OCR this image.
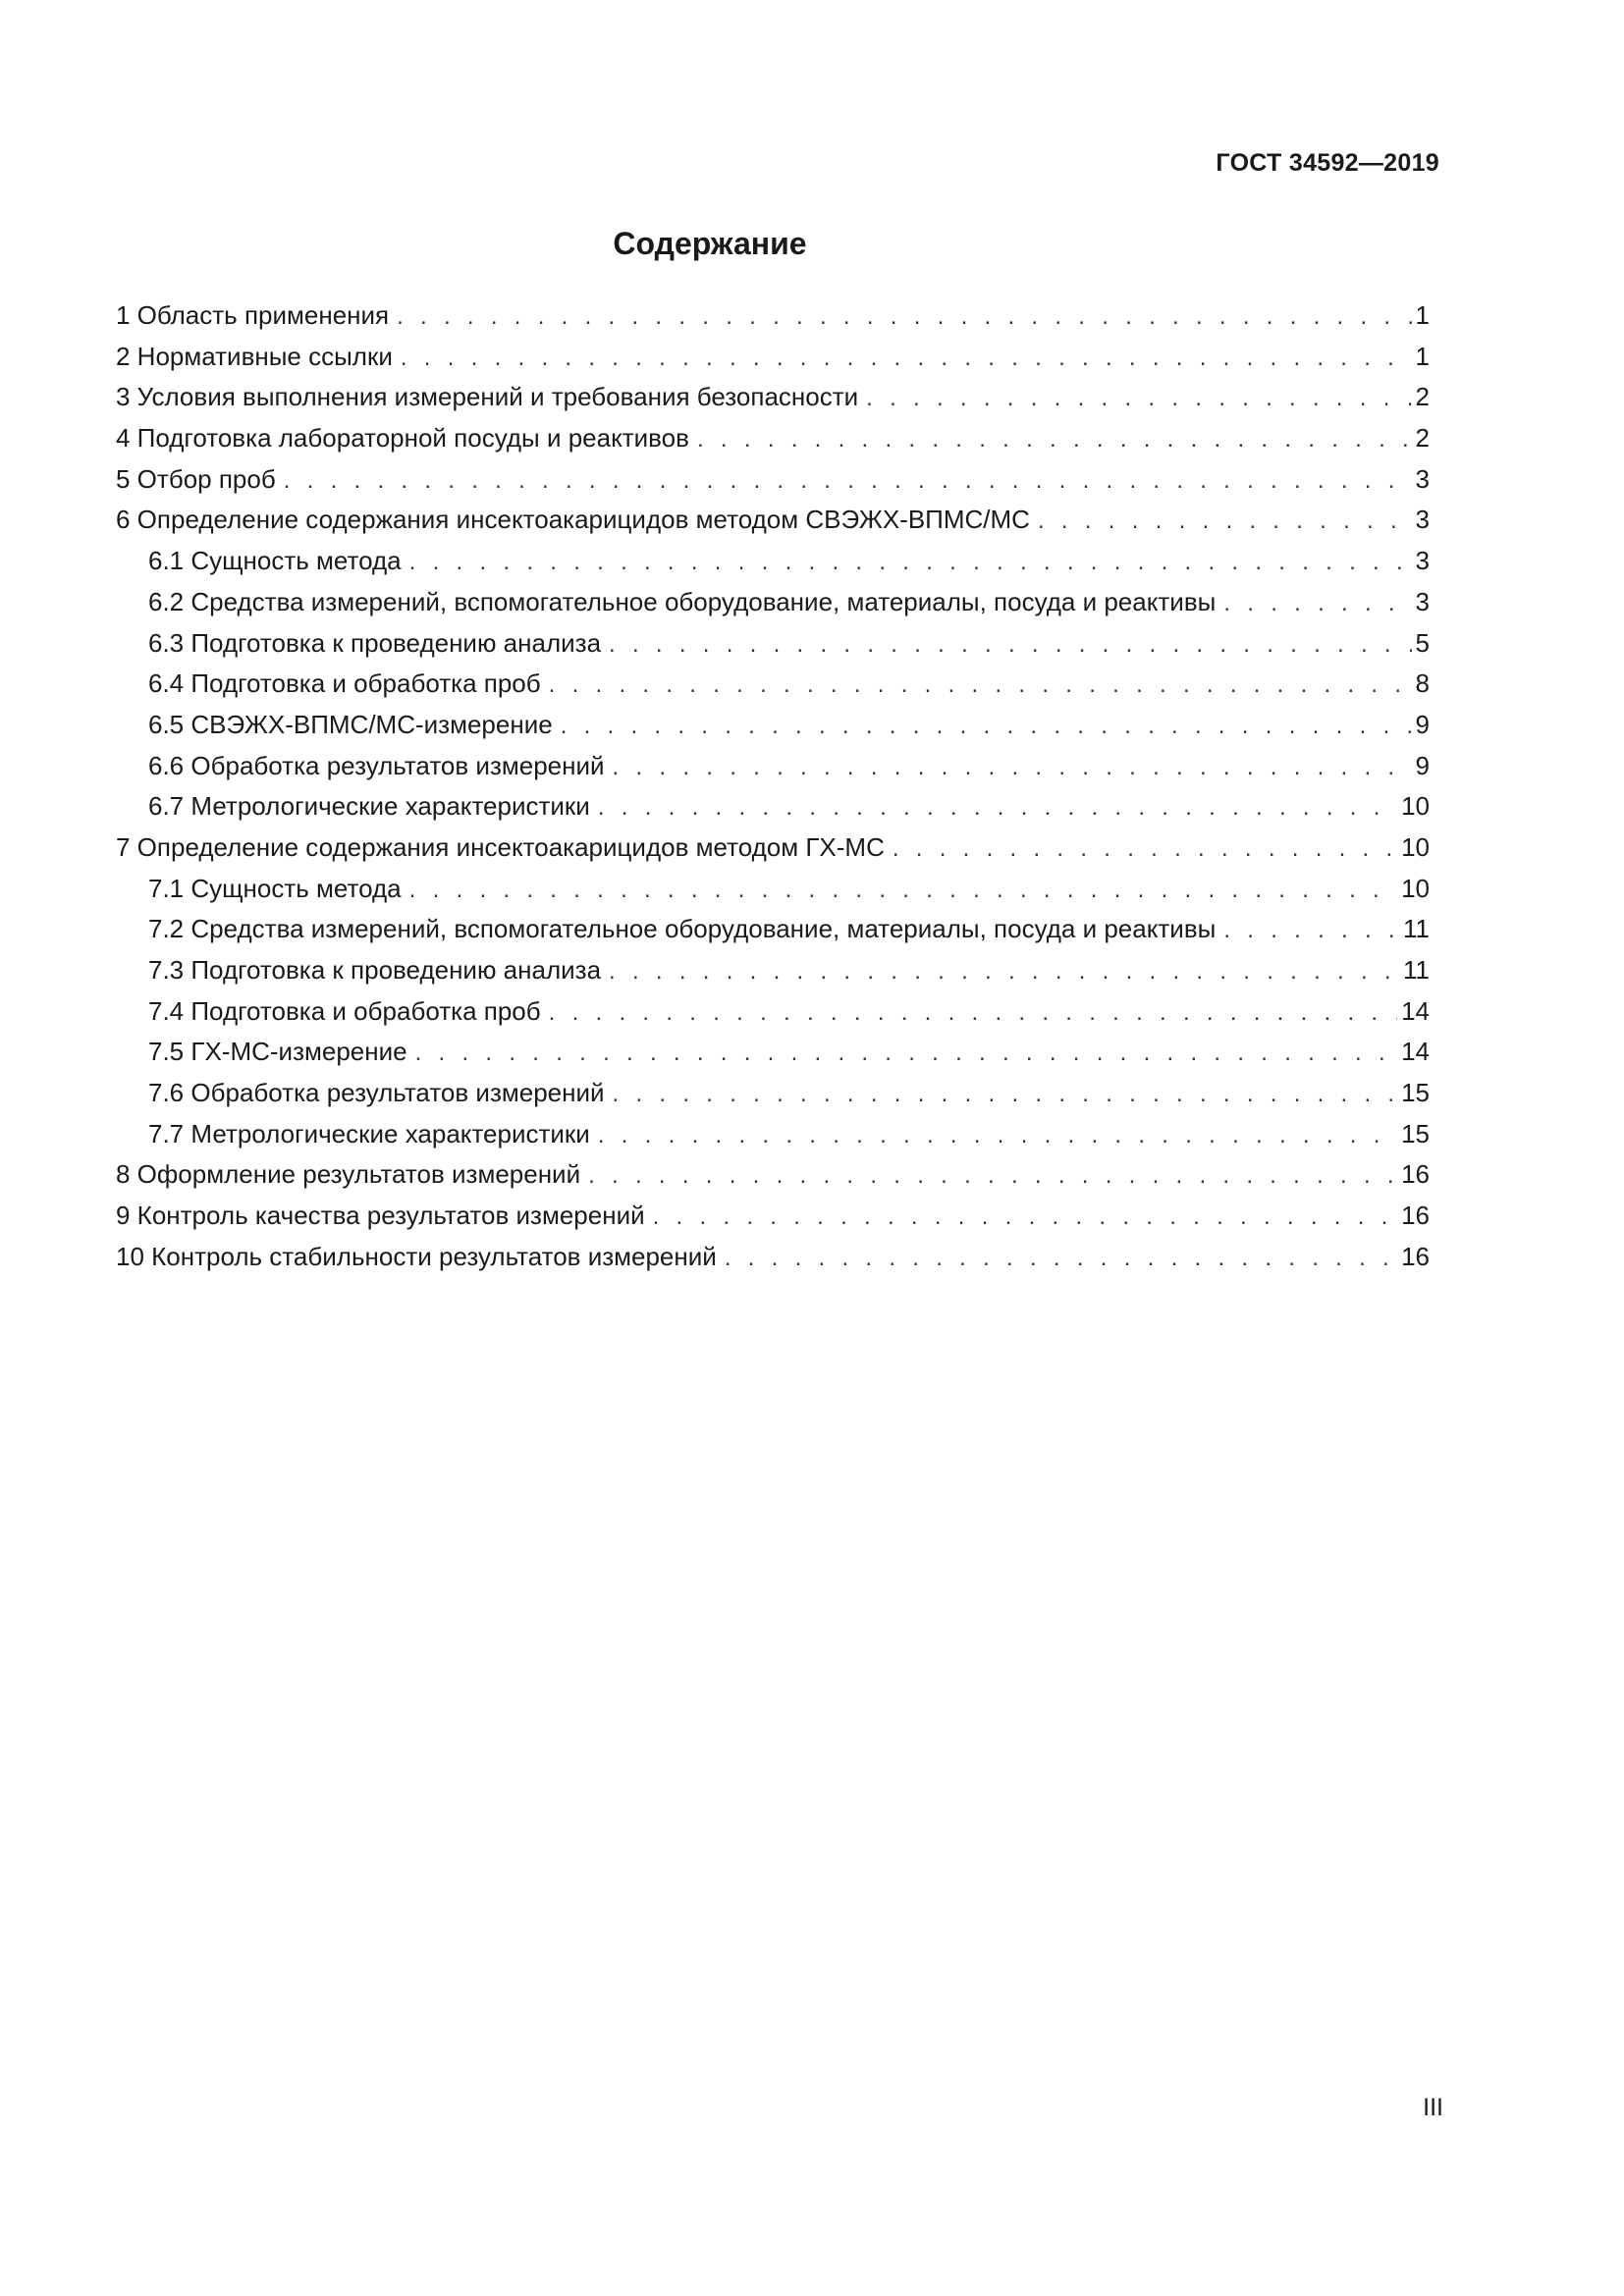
ГОСТ 34592—2019
Содержание
1 Область применения . . .	1
2 Нормативные ссылки . . .	1
3 Условия выполнения измерений и требования безопасности . . .	2
4 Подготовка лабораторной посуды и реактивов . . .	2
5 Отбор проб . . .	3
6 Определение содержания инсектоакарицидов методом СВЭЖХ-ВПМС/МС . . .	3
6.1 Сущность метода . . .	3
6.2 Средства измерений, вспомогательное оборудование, материалы, посуда и реактивы . . .	3
6.3 Подготовка к проведению анализа . . .	5
6.4 Подготовка и обработка проб . . .	8
6.5 СВЭЖХ-ВПМС/МС-измерение . . .	9
6.6 Обработка результатов измерений . . .	9
6.7 Метрологические характеристики . . .	10
7 Определение содержания инсектоакарицидов методом ГХ-МС . . .	10
7.1 Сущность метода . . .	10
7.2 Средства измерений, вспомогательное оборудование, материалы, посуда и реактивы . . .	11
7.3 Подготовка к проведению анализа . . .	11
7.4 Подготовка и обработка проб . . .	14
7.5 ГХ-МС-измерение . . .	14
7.6 Обработка результатов измерений . . .	15
7.7 Метрологические характеристики . . .	15
8 Оформление результатов измерений . . .	16
9 Контроль качества результатов измерений . . .	16
10 Контроль стабильности результатов измерений . . .	16
III
